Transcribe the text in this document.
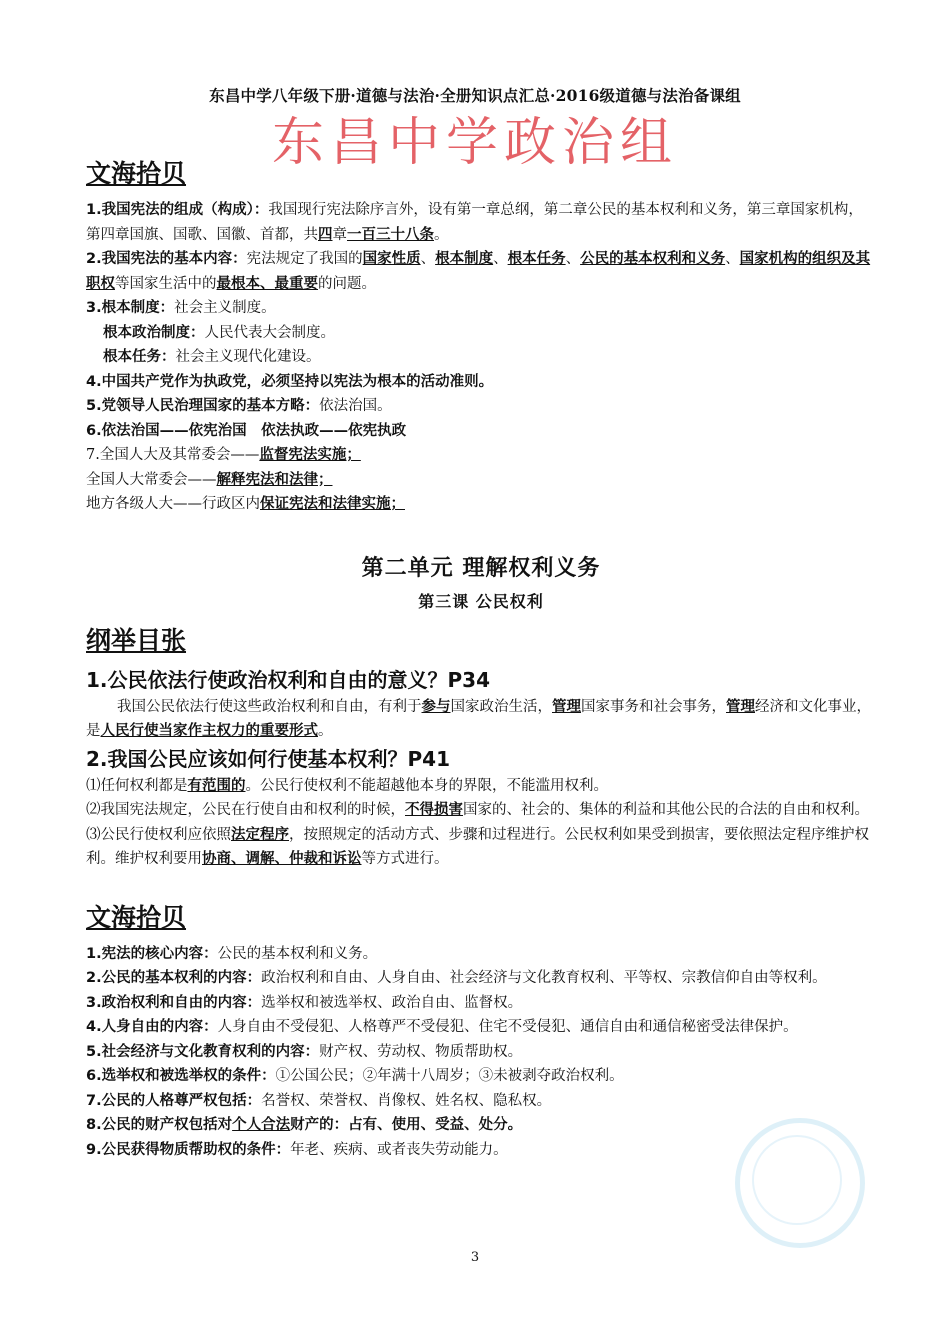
东昌中学八年级下册·道德与法治·全册知识点汇总·2016级道德与法治备课组
东昌中学政治组
文海拾贝

1.我国宪法的组成（构成）：我国现行宪法除序言外，设有第一章总纲，第二章公民的基本权利和义务，第三章国家机构，第四章国旗、国歌、国徽、首都，共四章一百三十八条。

2.我国宪法的基本内容：宪法规定了我国的国家性质、根本制度、根本任务、公民的基本权利和义务、国家机构的组织及其职权等国家生活中的最根本、最重要的问题。

3.根本制度：社会主义制度。

根本政治制度：人民代表大会制度。

根本任务：社会主义现代化建设。

4.中国共产党作为执政党，必须坚持以宪法为根本的活动准则。

5.党领导人民治理国家的基本方略：依法治国。

6.依法治国——依宪治国　依法执政——依宪执政

7.全国人大及其常委会——监督宪法实施；

全国人大常委会——解释宪法和法律；

地方各级人大——行政区内保证宪法和法律实施；

第二单元 理解权利义务
第三课 公民权利
纲举目张
1.公民依法行使政治权利和自由的意义？P34

我国公民依法行使这些政治权利和自由，有利于参与国家政治生活，管理国家事务和社会事务，管理经济和文化事业，是人民行使当家作主权力的重要形式。

2.我国公民应该如何行使基本权利？P41

⑴任何权利都是有范围的。公民行使权利不能超越他本身的界限，不能滥用权利。

⑵我国宪法规定，公民在行使自由和权利的时候，不得损害国家的、社会的、集体的利益和其他公民的合法的自由和权利。

⑶公民行使权利应依照法定程序，按照规定的活动方式、步骤和过程进行。公民权利如果受到损害，要依照法定程序维护权利。维护权利要用协商、调解、仲裁和诉讼等方式进行。

文海拾贝

1.宪法的核心内容：公民的基本权利和义务。

2.公民的基本权利的内容：政治权利和自由、人身自由、社会经济与文化教育权利、平等权、宗教信仰自由等权利。

3.政治权利和自由的内容：选举权和被选举权、政治自由、监督权。

4.人身自由的内容：人身自由不受侵犯、人格尊严不受侵犯、住宅不受侵犯、通信自由和通信秘密受法律保护。

5.社会经济与文化教育权利的内容：财产权、劳动权、物质帮助权。

6.选举权和被选举权的条件：①公国公民；②年满十八周岁；③未被剥夺政治权利。

7.公民的人格尊严权包括：名誉权、荣誉权、肖像权、姓名权、隐私权。

8.公民的财产权包括对个人合法财产的：占有、使用、受益、处分。

9.公民获得物质帮助权的条件：年老、疾病、或者丧失劳动能力。

3
